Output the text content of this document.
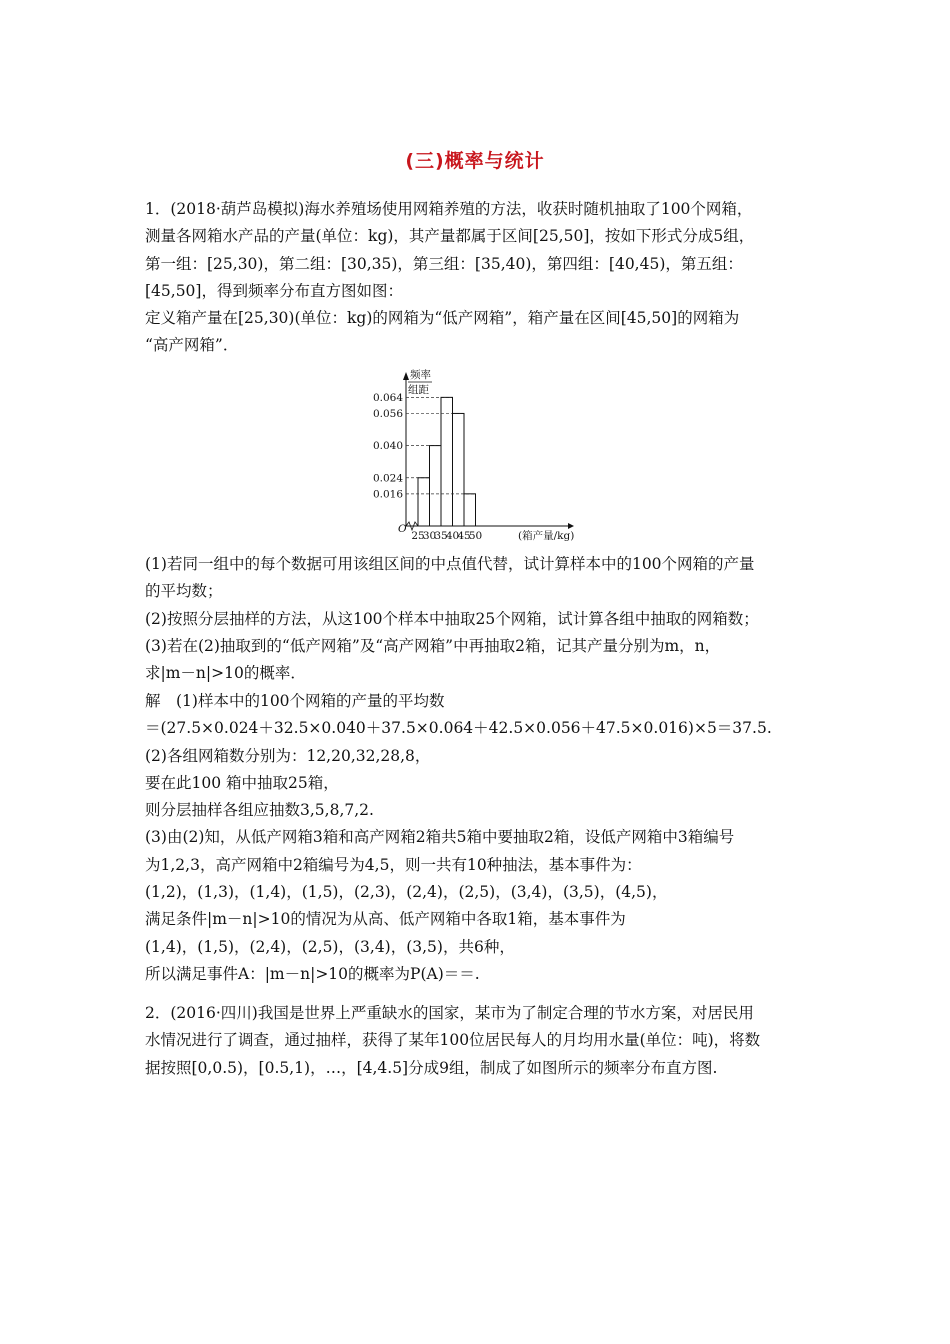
(三)概率与统计

1．(2018·葫芦岛模拟)海水养殖场使用网箱养殖的方法，收获时随机抽取了100个网箱，

测量各网箱水产品的产量(单位：kg)，其产量都属于区间[25,50]，按如下形式分成5组，

第一组：[25,30)，第二组：[30,35)，第三组：[35,40)，第四组：[40,45)，第五组：

[45,50]，得到频率分布直方图如图：

定义箱产量在[25,30)(单位：kg)的网箱为“低产网箱”，箱产量在区间[45,50]的网箱为

“高产网箱”．

0.016
0.024
0.040
0.056
0.064
25
30
35
40
45
50
O
频率
组距
(箱产量/kg)

(1)若同一组中的每个数据可用该组区间的中点值代替，试计算样本中的100个网箱的产量

的平均数；

(2)按照分层抽样的方法，从这100个样本中抽取25个网箱，试计算各组中抽取的网箱数；

(3)若在(2)抽取到的“低产网箱”及“高产网箱”中再抽取2箱，记其产量分别为m，n，

求|m－n|>10的概率．

解　(1)样本中的100个网箱的产量的平均数

＝(27.5×0.024＋32.5×0.040＋37.5×0.064＋42.5×0.056＋47.5×0.016)×5＝37.5.

(2)各组网箱数分别为：12,20,32,28,8，

要在此100 箱中抽取25箱，

则分层抽样各组应抽数3,5,8,7,2.

(3)由(2)知，从低产网箱3箱和高产网箱2箱共5箱中要抽取2箱，设低产网箱中3箱编号

为1,2,3，高产网箱中2箱编号为4,5，则一共有10种抽法，基本事件为：

(1,2)，(1,3)，(1,4)，(1,5)，(2,3)，(2,4)，(2,5)，(3,4)，(3,5)，(4,5)，

满足条件|m－n|>10的情况为从高、低产网箱中各取1箱，基本事件为

(1,4)，(1,5)，(2,4)，(2,5)，(3,4)，(3,5)，共6种，

所以满足事件A：|m－n|>10的概率为P(A)＝＝.

2．(2016·四川)我国是世界上严重缺水的国家，某市为了制定合理的节水方案，对居民用

水情况进行了调查，通过抽样，获得了某年100位居民每人的月均用水量(单位：吨)，将数

据按照[0,0.5)，[0.5,1)，…，[4,4.5]分成9组，制成了如图所示的频率分布直方图.
